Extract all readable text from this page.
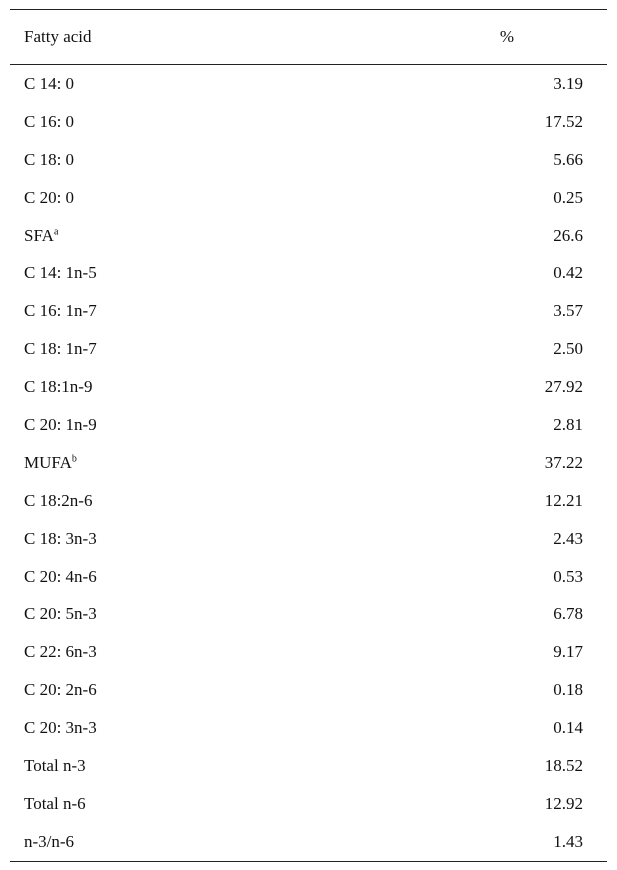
Fatty acid	%
C 14: 0	3.19
C 16: 0	17.52
C 18: 0	5.66
C 20: 0	0.25
SFA$^a$	26.6
C 14: 1n-5	0.42
C 16: 1n-7	3.57
C 18: 1n-7	2.50
C 18:1n-9	27.92
C 20: 1n-9	2.81
MUFA$^b$	37.22
C 18:2n-6	12.21
C 18: 3n-3	2.43
C 20: 4n-6	0.53
C 20: 5n-3	6.78
C 22: 6n-3	9.17
C 20: 2n-6	0.18
C 20: 3n-3	0.14
Total n-3	18.52
Total n-6	12.92
n-3/n-6	1.43
